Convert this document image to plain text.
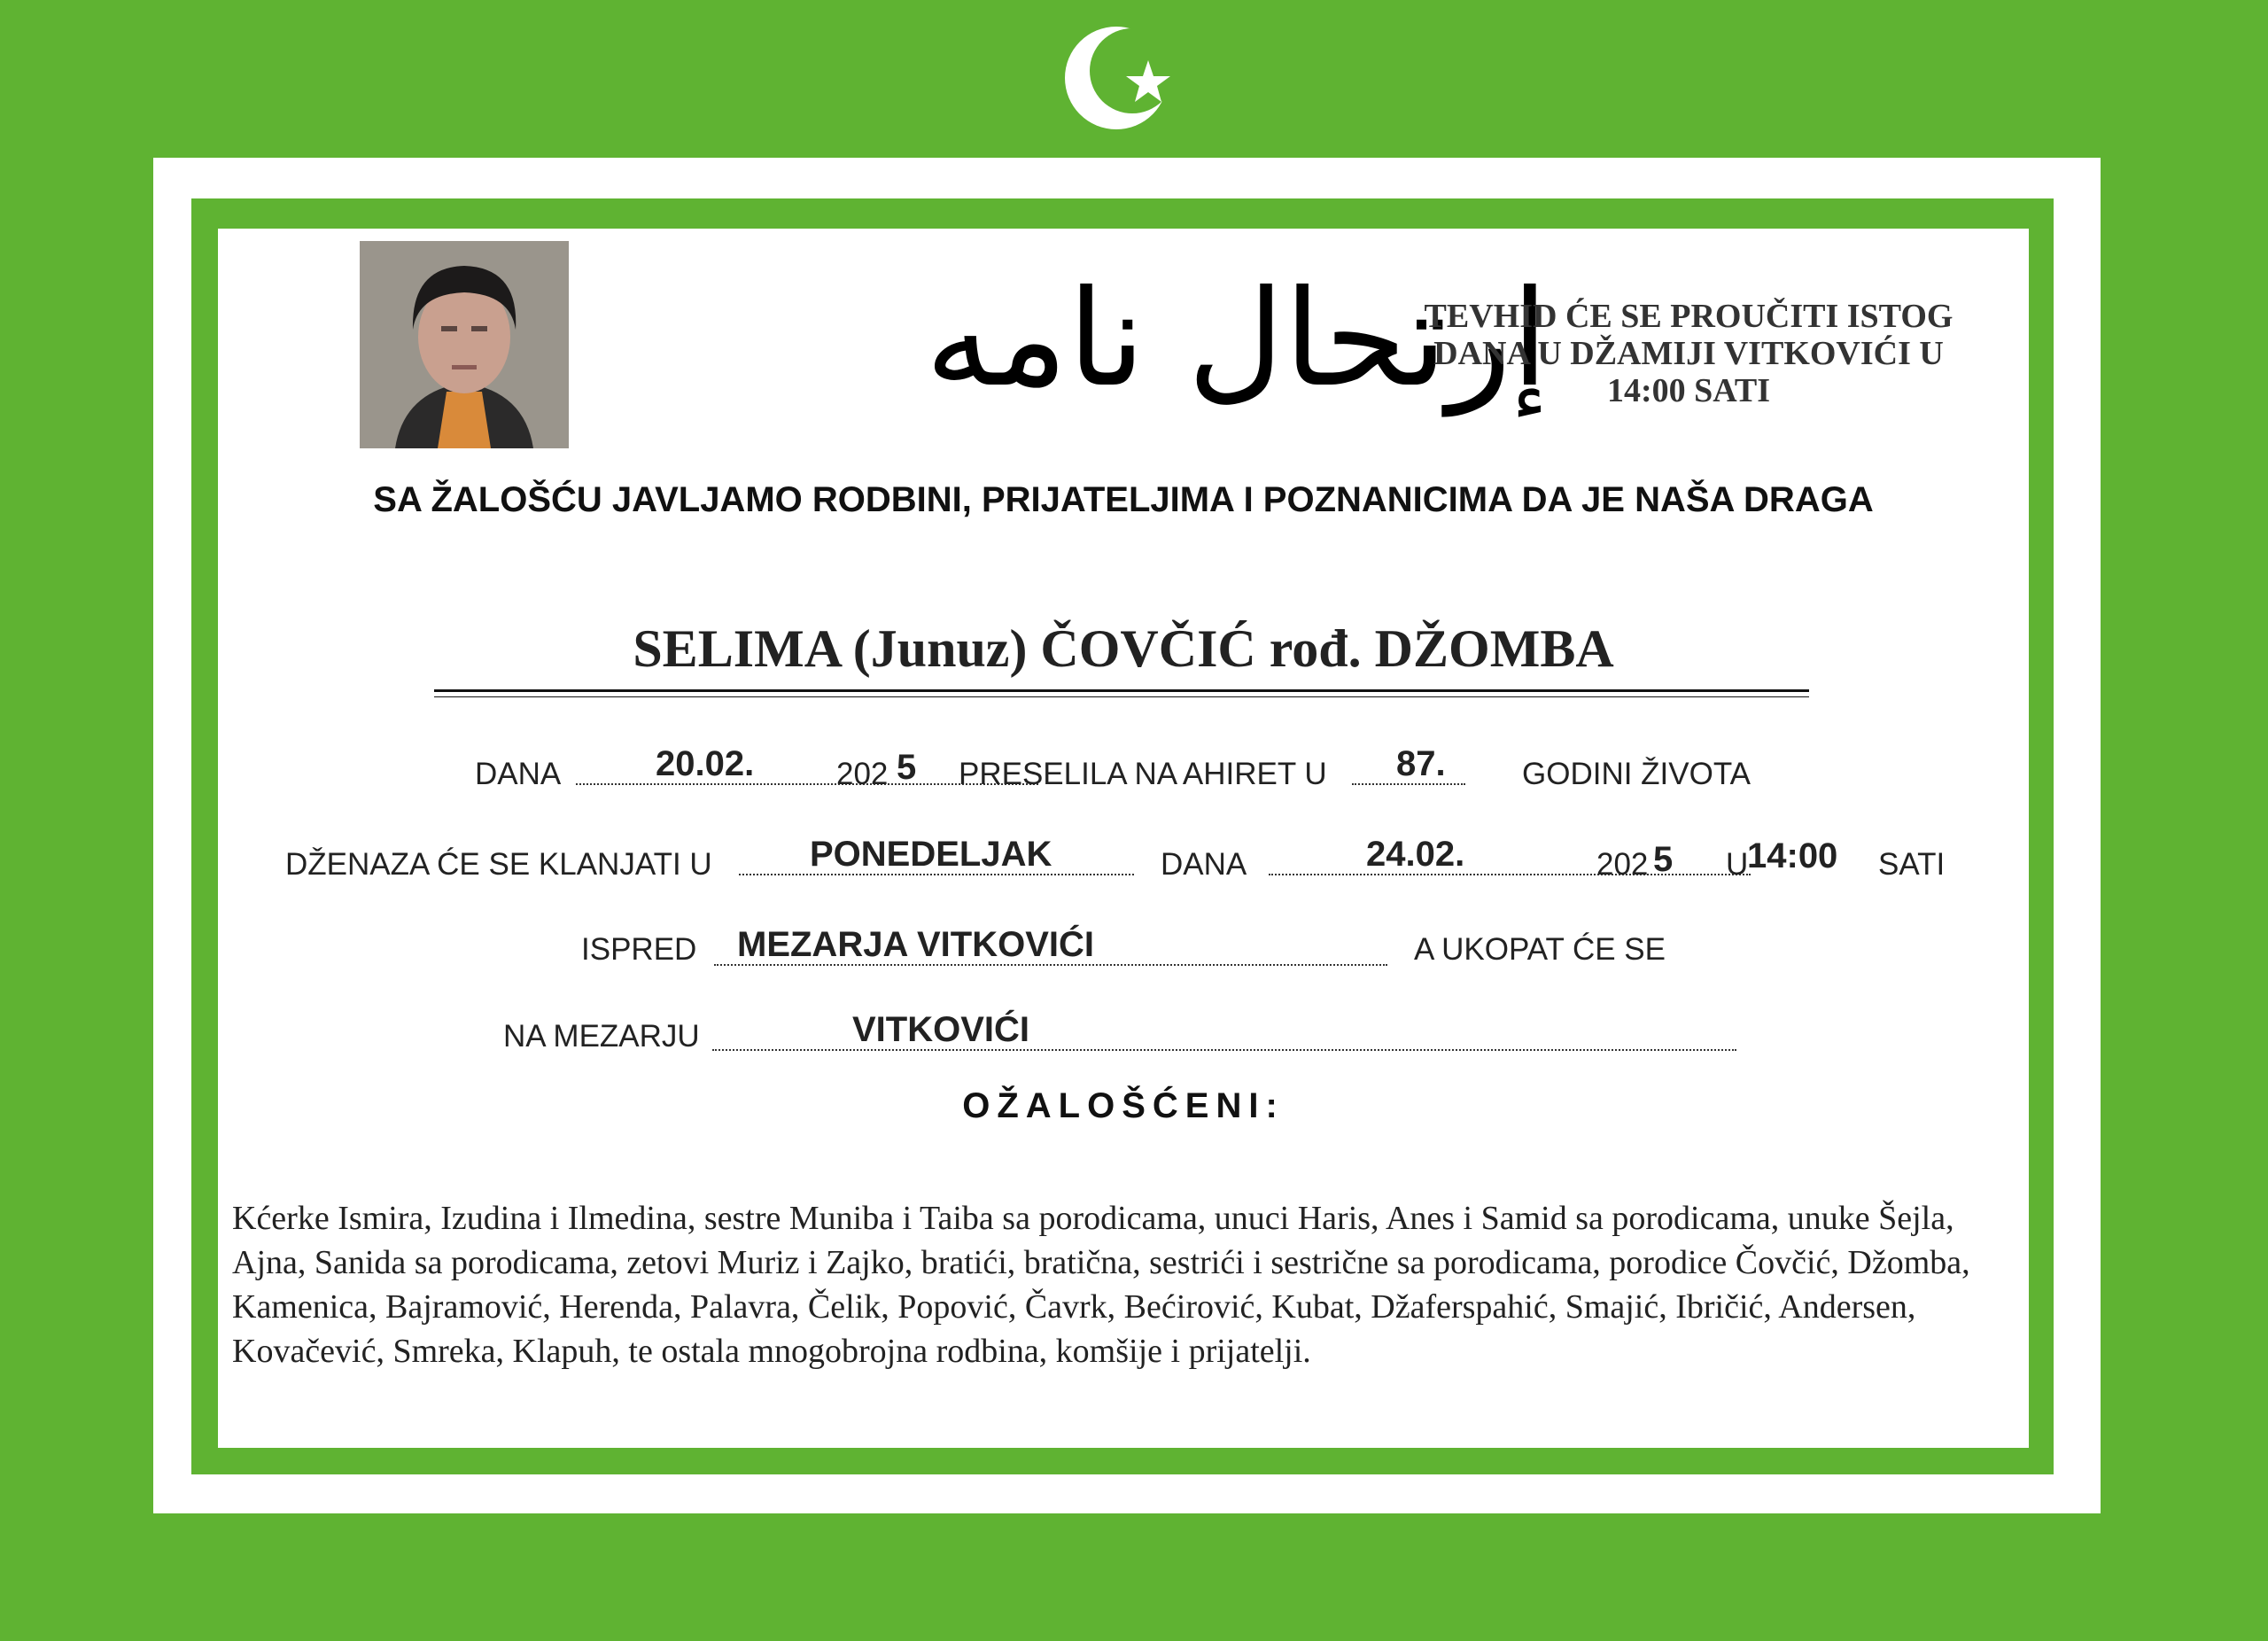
إرتحال نامه
TEVHID ĆE SE PROUČITI ISTOG
DANA U DŽAMIJI VITKOVIĆI U
14:00 SATI
SA ŽALOŠĆU JAVLJAMO RODBINI, PRIJATELJIMA I POZNANICIMA DA JE NAŠA DRAGA
SELIMA (Junuz) ČOVČIĆ rođ. DŽOMBA
DANA	20.02.	202 5 PRESELILA NA AHIRET U 87. GODINI ŽIVOTA
DŽENAZA ĆE SE KLANJATI U	PONEDELJAK	DANA	24.02.	202 5 U
14:00 SATI
ISPRED MEZARJA VITKOVIĆI	A UKOPAT ĆE SE
NA MEZARJU	VITKOVIĆI
OŽALOŠĆENI:
Kćerke Ismira, Izudina i Ilmedina, sestre Muniba i Taiba sa porodicama, unuci Haris, Anes i Samid sa porodicama, unuke Šejla, Ajna, Sanida sa porodicama, zetovi Muriz i Zajko, bratići, bratična, sestrići i sestrične sa porodicama, porodice Čovčić, Džomba, Kamenica, Bajramović, Herenda, Palavra, Čelik, Popović, Čavrk, Bećirović, Kubat, Džaferspahić, Smajić, Ibričić, Andersen, Kovačević, Smreka, Klapuh, te ostala mnogobrojna rodbina, komšije i prijatelji.
